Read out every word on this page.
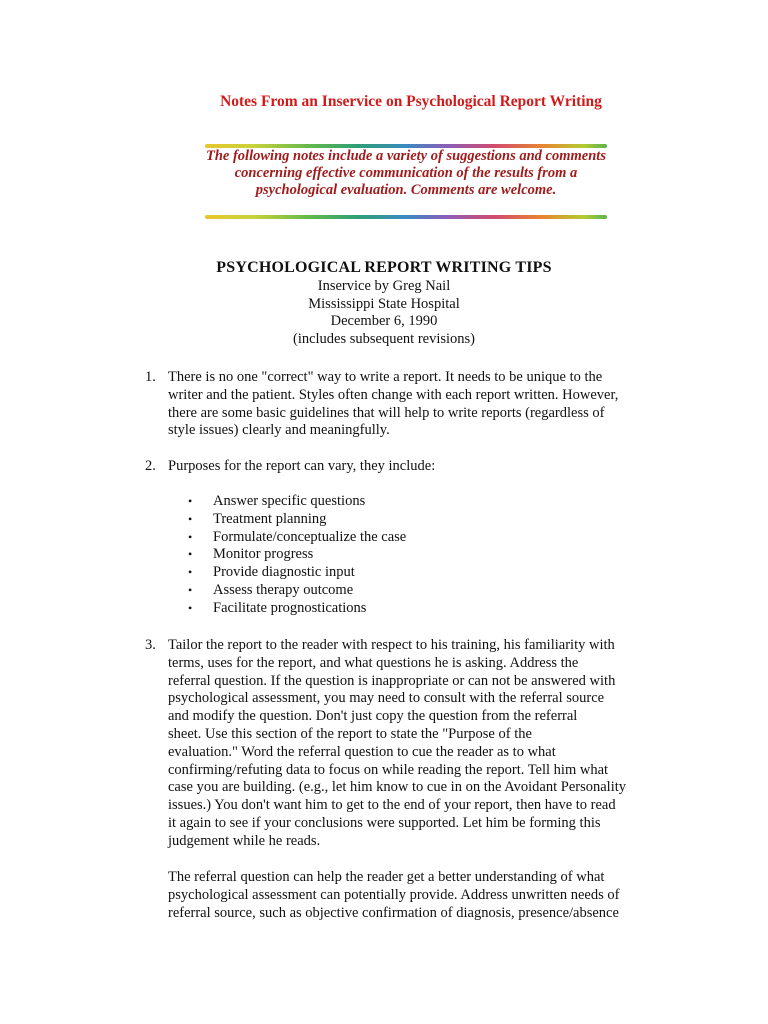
Notes From an Inservice on Psychological Report Writing

The following notes include a variety of suggestions and comments

concerning effective communication of the results from a

psychological evaluation. Comments are welcome.

PSYCHOLOGICAL REPORT WRITING TIPS
Inservice by Greg Nail
Mississippi State Hospital
December 6, 1990
(includes subsequent revisions)
1. There is no one "correct" way to write a report. It needs to be unique to the

writer and the patient. Styles often change with each report written. However,

there are some basic guidelines that will help to write reports (regardless of

style issues) clearly and meaningfully.

2. Purposes for the report can vary, they include:

• Answer specific questions
• Treatment planning
• Formulate/conceptualize the case
• Monitor progress
• Provide diagnostic input
• Assess therapy outcome
• Facilitate prognostications
3. Tailor the report to the reader with respect to his training, his familiarity with

terms, uses for the report, and what questions he is asking. Address the

referral question. If the question is inappropriate or can not be answered with

psychological assessment, you may need to consult with the referral source

and modify the question. Don't just copy the question from the referral

sheet. Use this section of the report to state the "Purpose of the

evaluation." Word the referral question to cue the reader as to what

confirming/refuting data to focus on while reading the report. Tell him what

case you are building. (e.g., let him know to cue in on the Avoidant Personality

issues.) You don't want him to get to the end of your report, then have to read

it again to see if your conclusions were supported. Let him be forming this

judgement while he reads.

The referral question can help the reader get a better understanding of what

psychological assessment can potentially provide. Address unwritten needs of

referral source, such as objective confirmation of diagnosis, presence/absence
